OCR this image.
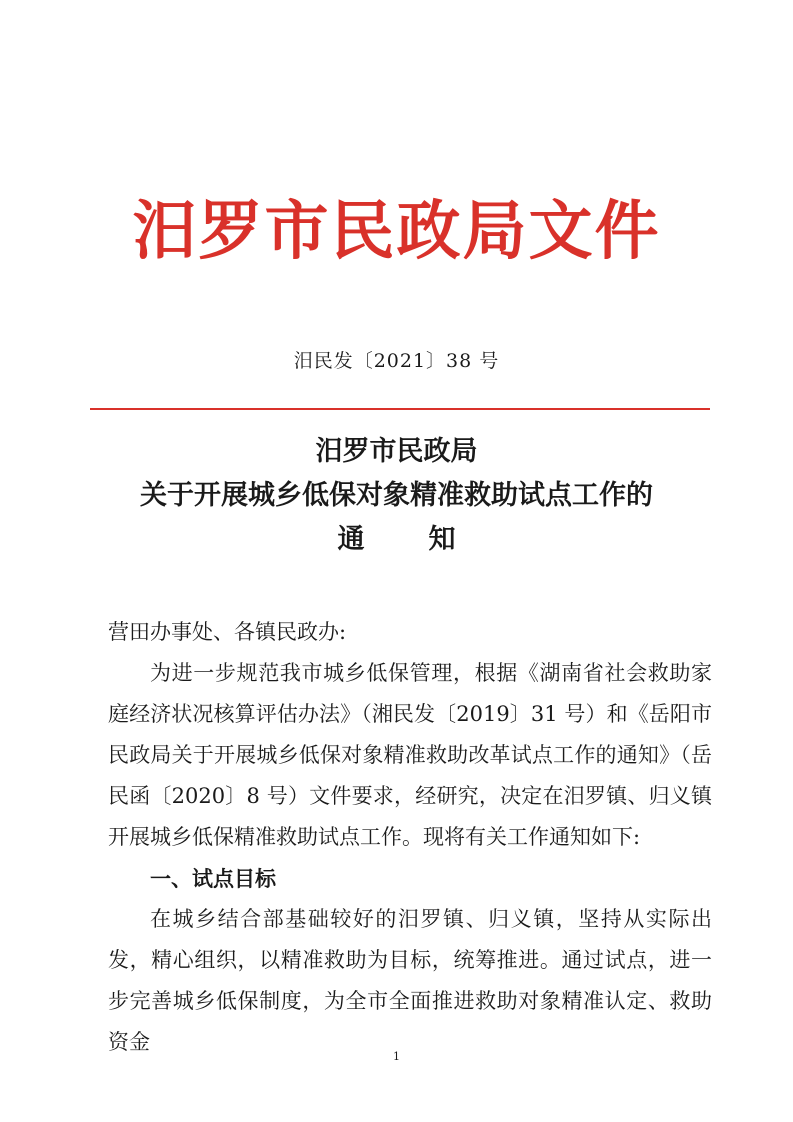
汨罗市民政局文件
汨民发〔2021〕38 号
汨罗市民政局
关于开展城乡低保对象精准救助试点工作的
通知

营田办事处、各镇民政办:

为进一步规范我市城乡低保管理，根据《湖南省社会救助家庭经济状况核算评估办法》（湘民发〔2019〕31 号）和《岳阳市民政局关于开展城乡低保对象精准救助改革试点工作的通知》（岳民函〔2020〕8 号）文件要求，经研究，决定在汨罗镇、归义镇开展城乡低保精准救助试点工作。现将有关工作通知如下:

一、试点目标

在城乡结合部基础较好的汨罗镇、归义镇，坚持从实际出发，精心组织，以精准救助为目标，统筹推进。通过试点，进一步完善城乡低保制度，为全市全面推进救助对象精准认定、救助资金

1
